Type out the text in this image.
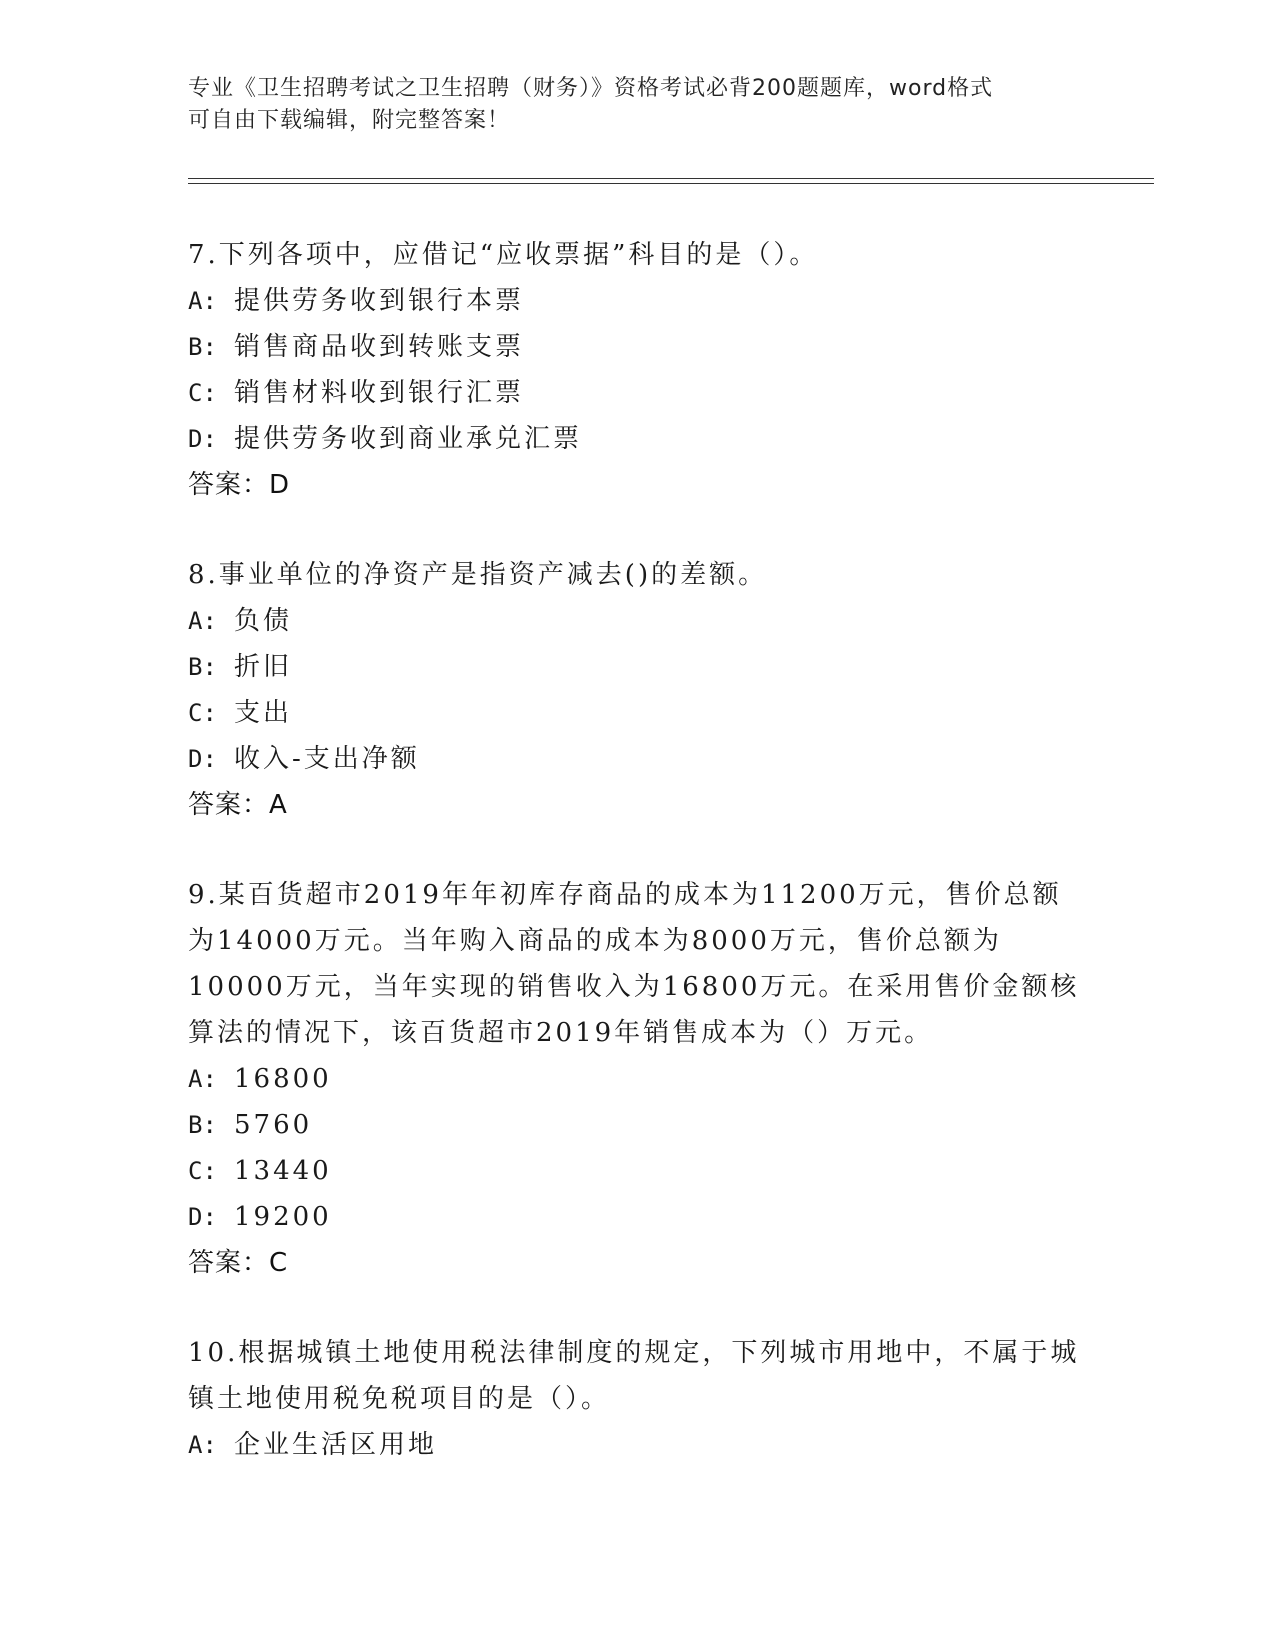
专业《卫生招聘考试之卫生招聘（财务）》资格考试必背200题题库，word格式
可自由下载编辑，附完整答案！
7.下列各项中，应借记“应收票据”科目的是（）。
A: 提供劳务收到银行本票
B: 销售商品收到转账支票
C: 销售材料收到银行汇票
D: 提供劳务收到商业承兑汇票
答案：D
8.事业单位的净资产是指资产减去()的差额。
A: 负债
B: 折旧
C: 支出
D: 收入-支出净额
答案：A
9.某百货超市2019年年初库存商品的成本为11200万元，售价总额为14000万元。当年购入商品的成本为8000万元，售价总额为10000万元，当年实现的销售收入为16800万元。在采用售价金额核算法的情况下，该百货超市2019年销售成本为（）万元。
A: 16800
B: 5760
C: 13440
D: 19200
答案：C
10.根据城镇土地使用税法律制度的规定，下列城市用地中，不属于城镇土地使用税免税项目的是（）。
A: 企业生活区用地
